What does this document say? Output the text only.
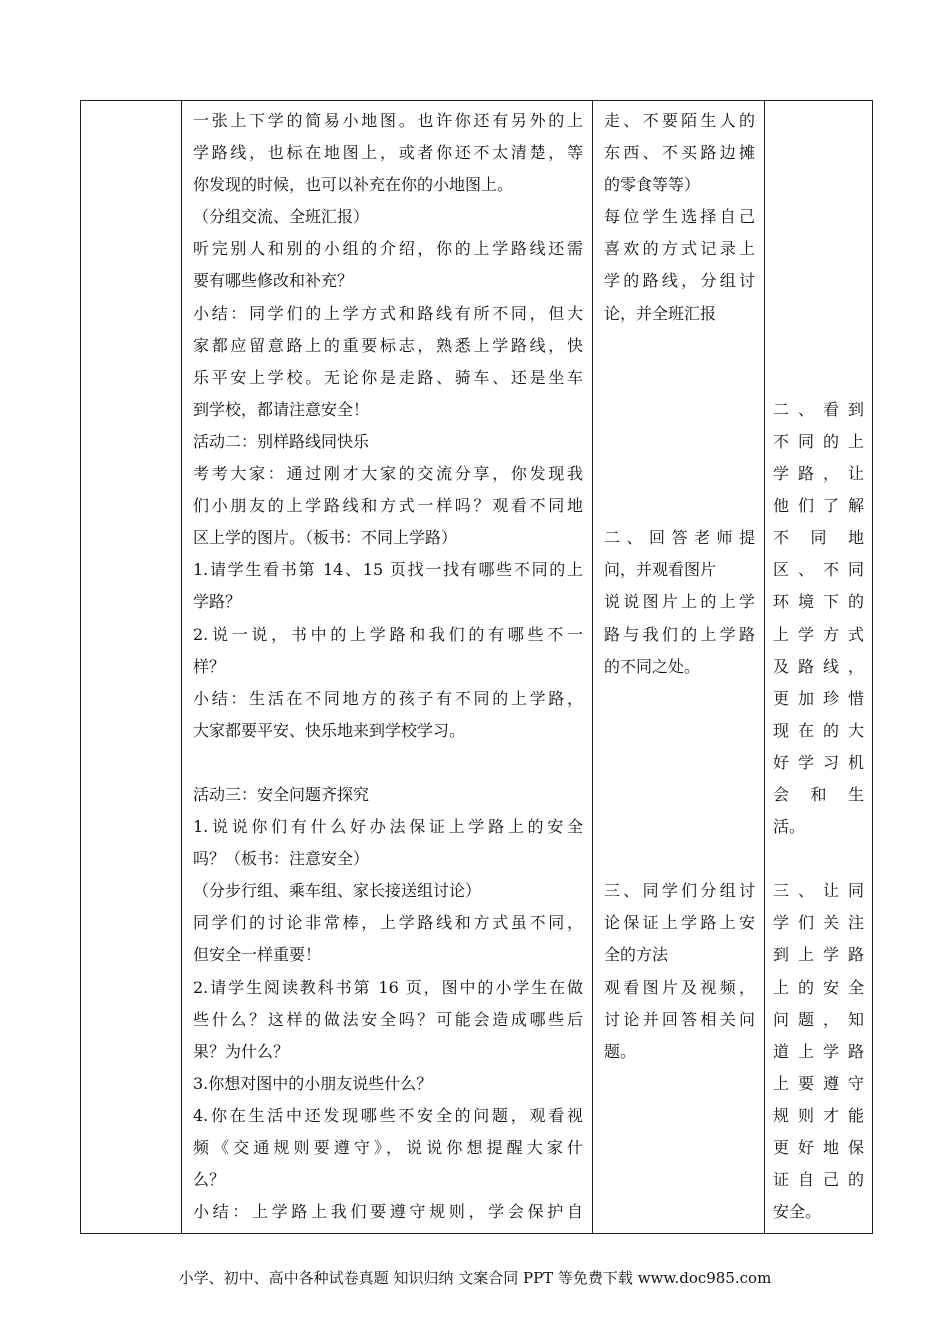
一张上下学的简易小地图。也许你还有另外的上
学路线，也标在地图上，或者你还不太清楚，等
你发现的时候，也可以补充在你的小地图上。
（分组交流、全班汇报）
听完别人和别的小组的介绍，你的上学路线还需
要有哪些修改和补充？
小结：同学们的上学方式和路线有所不同，但大
家都应留意路上的重要标志，熟悉上学路线，快
乐平安上学校。无论你是走路、骑车、还是坐车
到学校，都请注意安全！
活动二：别样路线同快乐
考考大家：通过刚才大家的交流分享，你发现我
们小朋友的上学路线和方式一样吗？观看不同地
区上学的图片。（板书：不同上学路）
1.请学生看书第 14、15 页找一找有哪些不同的上
学路？
2.说一说，书中的上学路和我们的有哪些不一
样？
小结：生活在不同地方的孩子有不同的上学路，
大家都要平安、快乐地来到学校学习。
活动三：安全问题齐探究
1.说说你们有什么好办法保证上学路上的安全
吗？（板书：注意安全）
（分步行组、乘车组、家长接送组讨论）
同学们的讨论非常棒，上学路线和方式虽不同，
但安全一样重要！
2.请学生阅读教科书第 16 页，图中的小学生在做
些什么？这样的做法安全吗？可能会造成哪些后
果？为什么？
3.你想对图中的小朋友说些什么？
4.你在生活中还发现哪些不安全的问题，观看视
频《交通规则要遵守》，说说你想提醒大家什
么？
小结：上学路上我们要遵守规则，学会保护自

走、不要陌生人的
东西、不买路边摊
的零食等等）
每位学生选择自己
喜欢的方式记录上
学的路线，分组讨
论，并全班汇报
二、回答老师提
问，并观看图片
说说图片上的上学
路与我们的上学路
的不同之处。
三、同学们分组讨
论保证上学路上安
全的方法
观看图片及视频，
讨论并回答相关问
题。

二、看到
不同的上
学路，让
他们了解
不同地
区、不同
环境下的
上学方式
及路线，
更加珍惜
现在的大
好学习机
会和生
活。
三、让同
学们关注
到上学路
上的安全
问题，知
道上学路
上要遵守
规则才能
更好地保
证自己的
安全。
小学、初中、高中各种试卷真题 知识归纳 文案合同 PPT 等免费下载 www.doc985.com
